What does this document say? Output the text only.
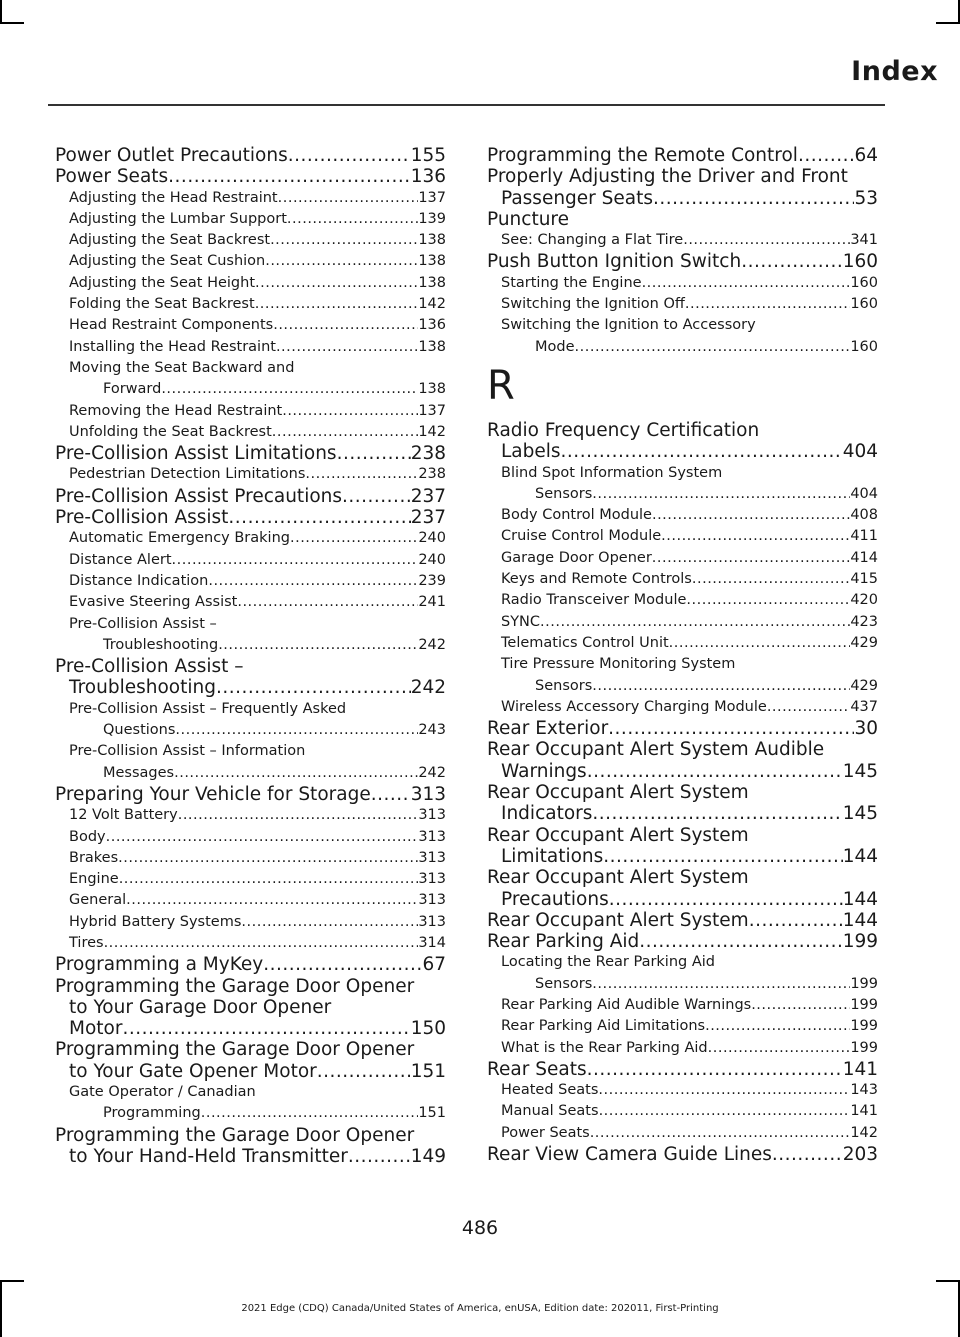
Index
Power Outlet Precautions .....	155
Power Seats .....	136
Adjusting the Head Restraint .....	137
Adjusting the Lumbar Support .....	139
Adjusting the Seat Backrest .....	138
Adjusting the Seat Cushion .....	138
Adjusting the Seat Height .....	138
Folding the Seat Backrest .....	142
Head Restraint Components .....	136
Installing the Head Restraint .....	138
Moving the Seat Backward and
Forward .....	138
Removing the Head Restraint .....	137
Unfolding the Seat Backrest .....	142
Pre-Collision Assist Limitations .....	238
Pedestrian Detection Limitations .....	238
Pre-Collision Assist Precautions .....	237
Pre-Collision Assist .....	237
Automatic Emergency Braking .....	240
Distance Alert .....	240
Distance Indication .....	239
Evasive Steering Assist .....	241
Pre-Collision Assist –
Troubleshooting .....	242
Pre-Collision Assist –
Troubleshooting .....	242
Pre-Collision Assist – Frequently Asked
Questions .....	243
Pre-Collision Assist – Information
Messages .....	242
Preparing Your Vehicle for Storage ..... 313
12 Volt Battery .....	313
Body .....	313
Brakes .....	313
Engine .....	313
General .....	313
Hybrid Battery Systems .....	313
Tires .....	314
Programming a MyKey .....	67
Programming the Garage Door Opener
to Your Garage Door Opener
Motor .....	150
Programming the Garage Door Opener
to Your Gate Opener Motor .....	151
Gate Operator / Canadian
Programming .....	151
Programming the Garage Door Opener
to Your Hand-Held Transmitter .....	149
Programming the Remote Control .....	64
Properly Adjusting the Driver and Front
Passenger Seats .....	53
Puncture
See: Changing a Flat Tire .....	341
Push Button Ignition Switch .....	160
Starting the Engine .....	160
Switching the Ignition Off .....	160
Switching the Ignition to Accessory
Mode .....	160
R
Radio Frequency Certification
Labels .....	404
Blind Spot Information System
Sensors .....	404
Body Control Module .....	408
Cruise Control Module .....	411
Garage Door Opener .....	414
Keys and Remote Controls .....	415
Radio Transceiver Module .....	420
SYNC .....	423
Telematics Control Unit .....	429
Tire Pressure Monitoring System
Sensors .....	429
Wireless Accessory Charging Module .....	437
Rear Exterior .....	30
Rear Occupant Alert System Audible
Warnings .....	145
Rear Occupant Alert System
Indicators .....	145
Rear Occupant Alert System
Limitations .....	144
Rear Occupant Alert System
Precautions .....	144
Rear Occupant Alert System .....	144
Rear Parking Aid .....	199
Locating the Rear Parking Aid
Sensors .....	199
Rear Parking Aid Audible Warnings .....	199
Rear Parking Aid Limitations .....	199
What is the Rear Parking Aid .....	199
Rear Seats .....	141
Heated Seats .....	143
Manual Seats .....	141
Power Seats .....	142
Rear View Camera Guide Lines .....	203
486
2021 Edge (CDQ) Canada/United States of America, enUSA, Edition date: 202011, First-Printing
